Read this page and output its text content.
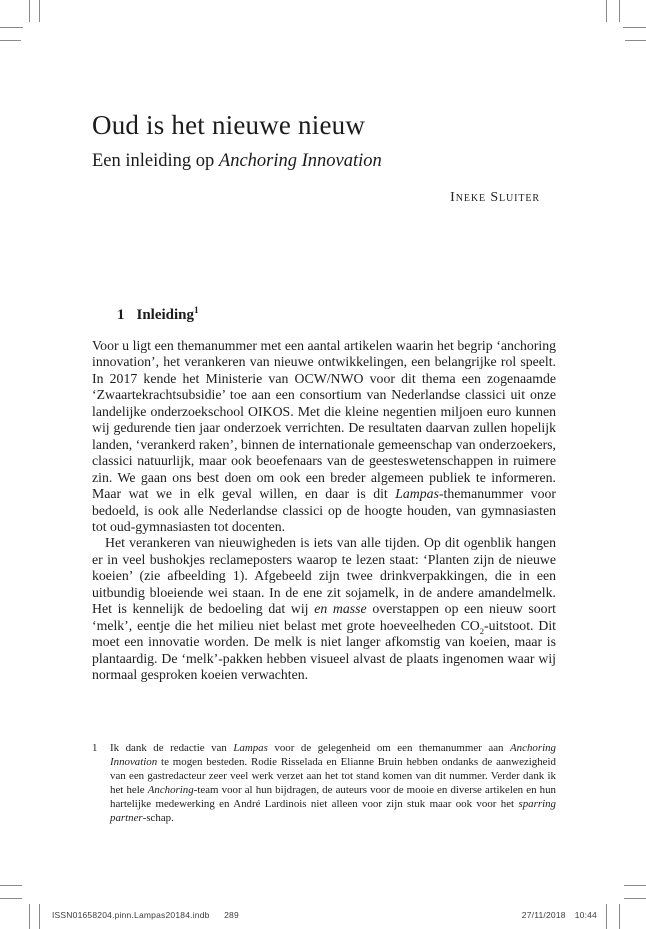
Oud is het nieuwe nieuw
Een inleiding op Anchoring Innovation
Ineke Sluiter
1 Inleiding$^1$

Voor u ligt een themanummer met een aantal artikelen waarin het begrip ‘anchoring innovation’, het verankeren van nieuwe ontwikkelingen, een belangrijke rol speelt. In 2017 kende het Ministerie van OCW/NWO voor dit thema een zogenaamde ‘Zwaartekrachtsubsidie’ toe aan een consortium van Nederlandse classici uit onze landelijke onderzoekschool OIKOS. Met die kleine negentien miljoen euro kunnen wij gedurende tien jaar onderzoek verrichten. De resultaten daarvan zullen hopelijk landen, ‘verankerd raken’, binnen de internationale gemeenschap van onderzoekers, classici natuurlijk, maar ook beoefenaars van de geesteswetenschappen in ruimere zin. We gaan ons best doen om ook een breder algemeen publiek te informeren. Maar wat we in elk geval willen, en daar is dit Lampas-themanummer voor bedoeld, is ook alle Nederlandse classici op de hoogte houden, van gymnasiasten tot oud-gymnasiasten tot docenten.

Het verankeren van nieuwigheden is iets van alle tijden. Op dit ogenblik hangen er in veel bushokjes reclameposters waarop te lezen staat: ‘Planten zijn de nieuwe koeien’ (zie afbeelding 1). Afgebeeld zijn twee drinkverpakkingen, die in een uitbundig bloeiende wei staan. In de ene zit sojamelk, in de andere amandelmelk. Het is kennelijk de bedoeling dat wij en masse overstappen op een nieuw soort ‘melk’, eentje die het milieu niet belast met grote hoeveelheden $CO_2$-uitstoot. Dit moet een innovatie worden. De melk is niet langer afkomstig van koeien, maar is plantaardig. De ‘melk’-pakken hebben visueel alvast de plaats ingenomen waar wij normaal gesproken koeien verwachten.

1 Ik dank de redactie van Lampas voor de gelegenheid om een themanummer aan Anchoring Innovation te mogen besteden. Rodie Risselada en Elianne Bruin hebben ondanks de aanwezigheid van een gastredacteur zeer veel werk verzet aan het tot stand komen van dit nummer. Verder dank ik het hele Anchoring-team voor al hun bijdragen, de auteurs voor de mooie en diverse artikelen en hun hartelijke medewerking en André Lardinois niet alleen voor zijn stuk maar ook voor het sparring partner-schap.
27/11/2018 10:44
ISSN01658204.pinn.Lampas20184.indb 289
